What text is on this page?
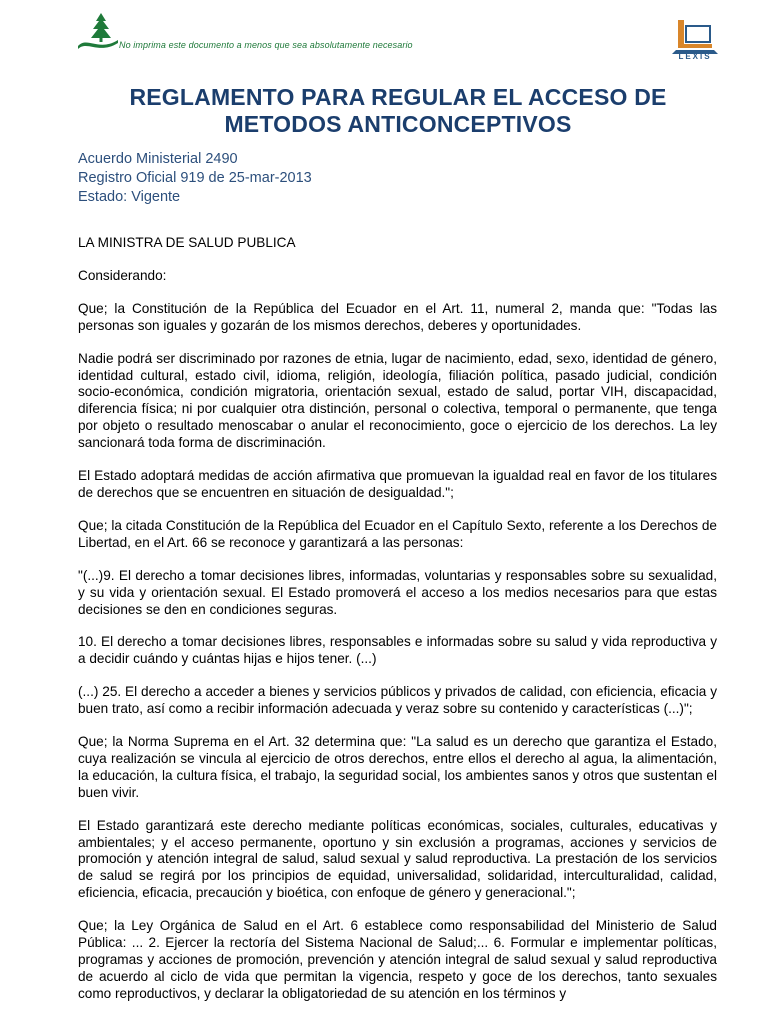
No imprima este documento a menos que sea absolutamente necesario
LEXIS
REGLAMENTO PARA REGULAR EL ACCESO DE
METODOS ANTICONCEPTIVOS
Acuerdo Ministerial 2490
Registro Oficial 919 de 25-mar-2013
Estado: Vigente

LA MINISTRA DE SALUD PUBLICA

Considerando:

Que; la Constitución de la República del Ecuador en el Art. 11, numeral 2, manda que: "Todas las personas son iguales y gozarán de los mismos derechos, deberes y oportunidades.

Nadie podrá ser discriminado por razones de etnia, lugar de nacimiento, edad, sexo, identidad de género, identidad cultural, estado civil, idioma, religión, ideología, filiación política, pasado judicial, condición socio-económica, condición migratoria, orientación sexual, estado de salud, portar VIH, discapacidad, diferencia física; ni por cualquier otra distinción, personal o colectiva, temporal o permanente, que tenga por objeto o resultado menoscabar o anular el reconocimiento, goce o ejercicio de los derechos. La ley sancionará toda forma de discriminación.

El Estado adoptará medidas de acción afirmativa que promuevan la igualdad real en favor de los titulares de derechos que se encuentren en situación de desigualdad.";

Que; la citada Constitución de la República del Ecuador en el Capítulo Sexto, referente a los Derechos de Libertad, en el Art. 66 se reconoce y garantizará a las personas:

"(...)9. El derecho a tomar decisiones libres, informadas, voluntarias y responsables sobre su sexualidad, y su vida y orientación sexual. El Estado promoverá el acceso a los medios necesarios para que estas decisiones se den en condiciones seguras.

10. El derecho a tomar decisiones libres, responsables e informadas sobre su salud y vida reproductiva y a decidir cuándo y cuántas hijas e hijos tener. (...)

(...) 25. El derecho a acceder a bienes y servicios públicos y privados de calidad, con eficiencia, eficacia y buen trato, así como a recibir información adecuada y veraz sobre su contenido y características (...)";

Que; la Norma Suprema en el Art. 32 determina que: "La salud es un derecho que garantiza el Estado, cuya realización se vincula al ejercicio de otros derechos, entre ellos el derecho al agua, la alimentación, la educación, la cultura física, el trabajo, la seguridad social, los ambientes sanos y otros que sustentan el buen vivir.

El Estado garantizará este derecho mediante políticas económicas, sociales, culturales, educativas y ambientales; y el acceso permanente, oportuno y sin exclusión a programas, acciones y servicios de promoción y atención integral de salud, salud sexual y salud reproductiva. La prestación de los servicios de salud se regirá por los principios de equidad, universalidad, solidaridad, interculturalidad, calidad, eficiencia, eficacia, precaución y bioética, con enfoque de género y generacional.";

Que; la Ley Orgánica de Salud en el Art. 6 establece como responsabilidad del Ministerio de Salud Pública: ... 2. Ejercer la rectoría del Sistema Nacional de Salud;... 6. Formular e implementar políticas, programas y acciones de promoción, prevención y atención integral de salud sexual y salud reproductiva de acuerdo al ciclo de vida que permitan la vigencia, respeto y goce de los derechos, tanto sexuales como reproductivos, y declarar la obligatoriedad de su atención en los términos y
